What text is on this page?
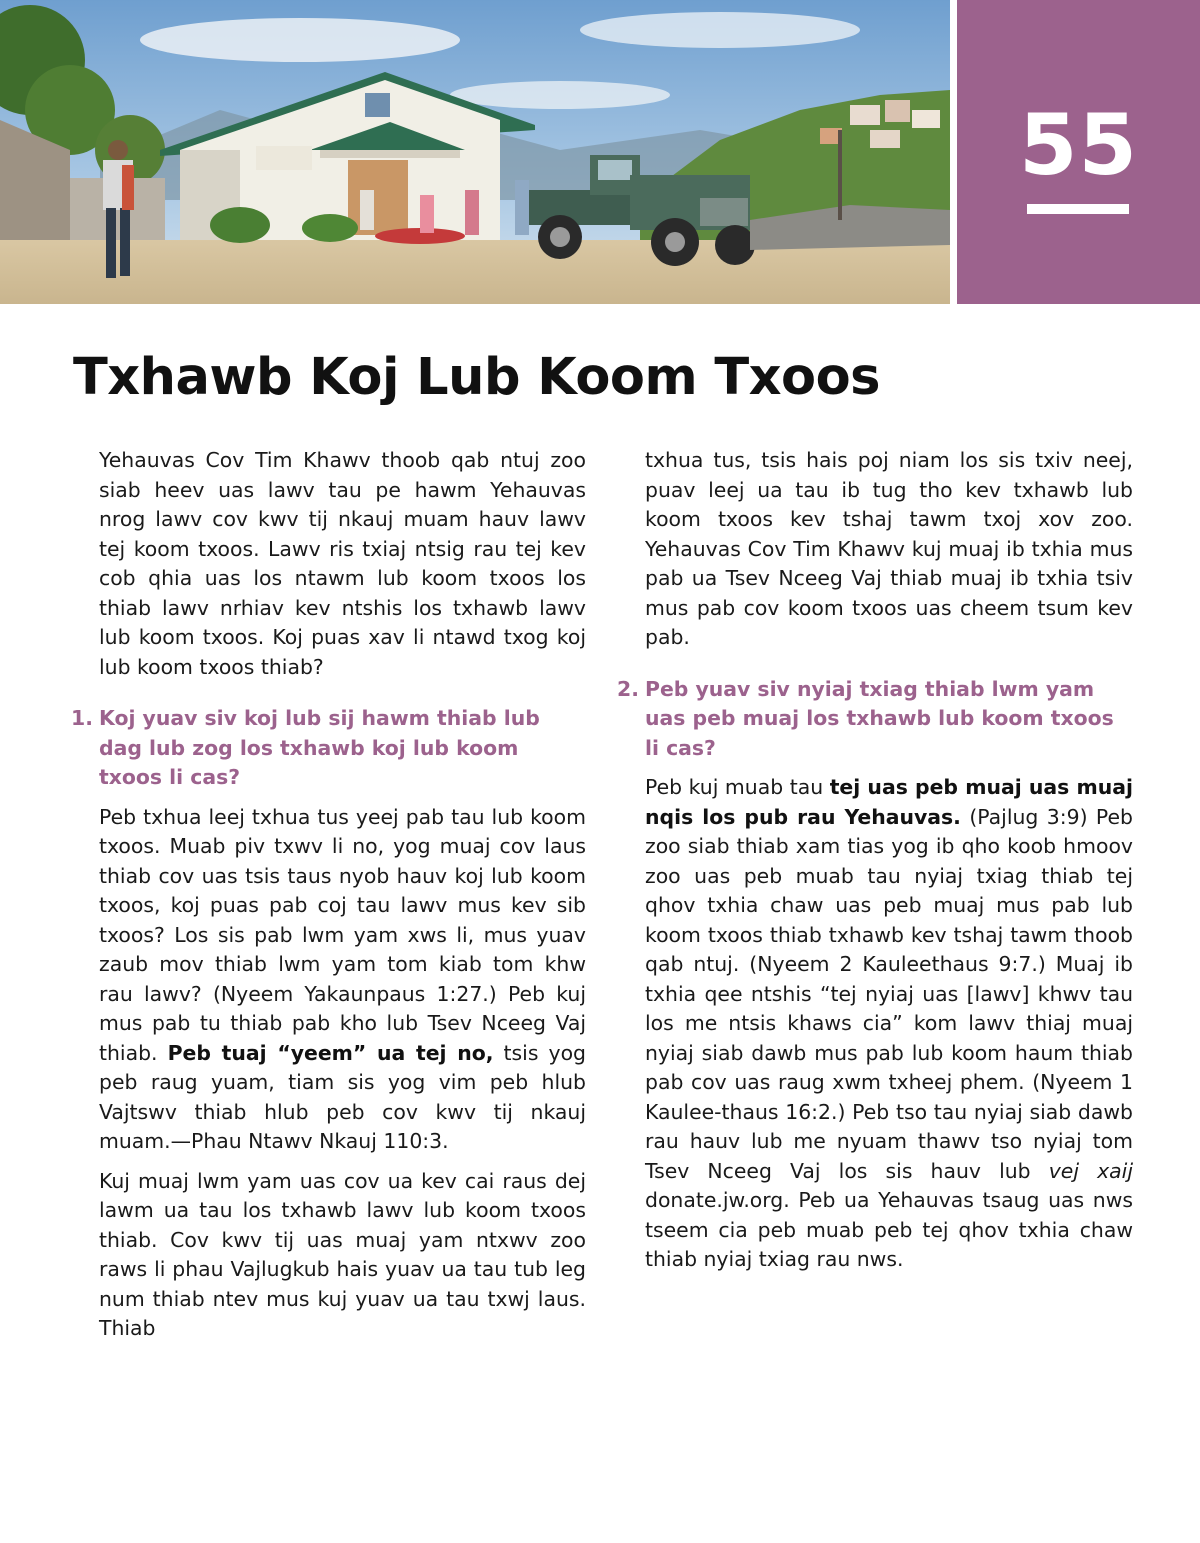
55
Txhawb Koj Lub Koom Txoos

Yehauvas Cov Tim Khawv thoob qab ntuj zoo siab heev uas lawv tau pe hawm Yehauvas nrog lawv cov kwv tij nkauj muam hauv lawv tej koom txoos. Lawv ris txiaj ntsig rau tej kev cob qhia uas los ntawm lub koom txoos los thiab lawv nrhiav kev ntshis los txhawb lawv lub koom txoos. Koj puas xav li ntawd txog koj lub koom txoos thiab?

1. Koj yuav siv koj lub sij hawm thiab lub dag lub zog los txhawb koj lub koom txoos li cas?

Peb txhua leej txhua tus yeej pab tau lub koom txoos. Muab piv txwv li no, yog muaj cov laus thiab cov uas tsis taus nyob hauv koj lub koom txoos, koj puas pab coj tau lawv mus kev sib txoos? Los sis pab lwm yam xws li, mus yuav zaub mov thiab lwm yam tom kiab tom khw rau lawv? (Nyeem Yakaunpaus 1:27.) Peb kuj mus pab tu thiab pab kho lub Tsev Nceeg Vaj thiab. Peb tuaj “yeem” ua tej no, tsis yog peb raug yuam, tiam sis yog vim peb hlub Vajtswv thiab hlub peb cov kwv tij nkauj muam.—Phau Ntawv Nkauj 110:3.

Kuj muaj lwm yam uas cov ua kev cai raus dej lawm ua tau los txhawb lawv lub koom txoos thiab. Cov kwv tij uas muaj yam ntxwv zoo raws li phau Vajlugkub hais yuav ua tau tub leg num thiab ntev mus kuj yuav ua tau txwj laus. Thiab

txhua tus, tsis hais poj niam los sis txiv neej, puav leej ua tau ib tug tho kev txhawb lub koom txoos kev tshaj tawm txoj xov zoo. Yehauvas Cov Tim Khawv kuj muaj ib txhia mus pab ua Tsev Nceeg Vaj thiab muaj ib txhia tsiv mus pab cov koom txoos uas cheem tsum kev pab.

2. Peb yuav siv nyiaj txiag thiab lwm yam uas peb muaj los txhawb lub koom txoos li cas?

Peb kuj muab tau tej uas peb muaj uas muaj nqis los pub rau Yehauvas. (Pajlug 3:9) Peb zoo siab thiab xam tias yog ib qho koob hmoov zoo uas peb muab tau nyiaj txiag thiab tej qhov txhia chaw uas peb muaj mus pab lub koom txoos thiab txhawb kev tshaj tawm thoob qab ntuj. (Nyeem 2 Kauleethaus 9:7.) Muaj ib txhia qee ntshis “tej nyiaj uas [lawv] khwv tau los me ntsis khaws cia” kom lawv thiaj muaj nyiaj siab dawb mus pab lub koom haum thiab pab cov uas raug xwm txheej phem. (Nyeem 1 Kaulee-thaus 16:2.) Peb tso tau nyiaj siab dawb rau hauv lub me nyuam thawv tso nyiaj tom Tsev Nceeg Vaj los sis hauv lub vej xaij donate.jw.org. Peb ua Yehauvas tsaug uas nws tseem cia peb muab peb tej qhov txhia chaw thiab nyiaj txiag rau nws.
